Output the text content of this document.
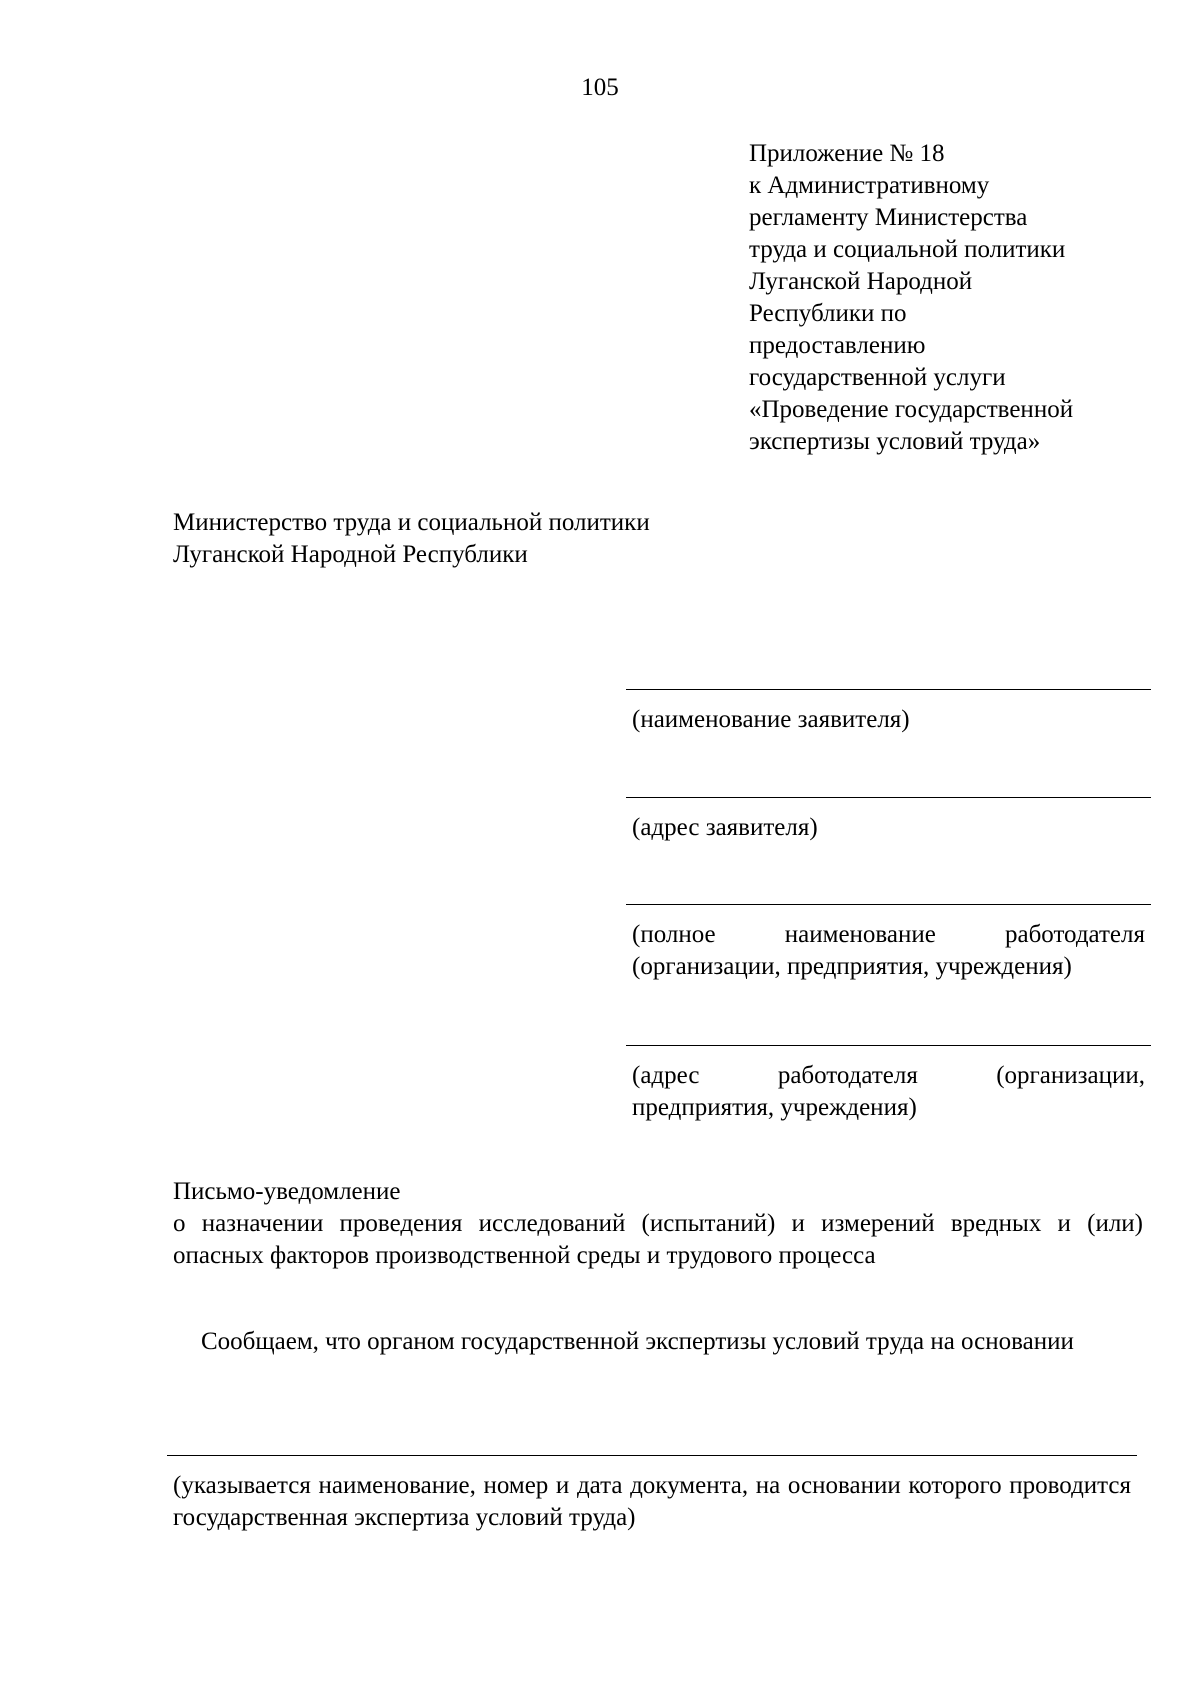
105
Приложение № 18
к Административному
регламенту Министерства
труда и социальной политики
Луганской Народной
Республики по
предоставлению
государственной услуги
«Проведение государственной
экспертизы условий труда»
Министерство труда и социальной политики
Луганской Народной Республики
(наименование заявителя)
(адрес заявителя)
(полное наименование работодателя (организации, предприятия, учреждения)
(адрес работодателя (организации, предприятия, учреждения)
Письмо-уведомление
о назначении проведения исследований (испытаний) и измерений вредных и (или) опасных факторов производственной среды и трудового процесса
Сообщаем, что органом государственной экспертизы условий труда на основании
(указывается наименование, номер и дата документа, на основании которого проводится государственная экспертиза условий труда)
